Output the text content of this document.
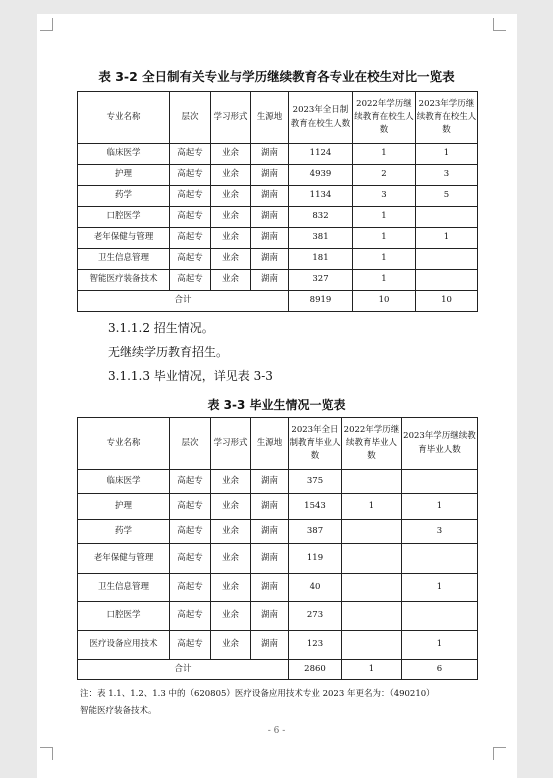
表 3-2 全日制有关专业与学历继续教育各专业在校生对比一览表
专业名称	层次	学习形式	生源地	2023年全日制教育在校生人数	2022年学历继续教育在校生人数	2023年学历继续教育在校生人数
临床医学	高起专	业余	湖南	1124	1	1
护理	高起专	业余	湖南	4939	2	3
药学	高起专	业余	湖南	1134	3	5
口腔医学	高起专	业余	湖南	832	1	
老年保健与管理	高起专	业余	湖南	381	1	1
卫生信息管理	高起专	业余	湖南	181	1	
智能医疗装备技术	高起专	业余	湖南	327	1	
合计				8919	10	10
3.1.1.2 招生情况。
无继续学历教育招生。
3.1.1.3 毕业情况，详见表 3-3
表 3-3 毕业生情况一览表
专业名称	层次	学习形式	生源地	2023年全日制教育毕业人数	2022年学历继续教育毕业人数	2023年学历继续教育毕业人数
临床医学	高起专	业余	湖南	375		
护理	高起专	业余	湖南	1543	1	1
药学	高起专	业余	湖南	387		3
老年保健与管理	高起专	业余	湖南	119		
卫生信息管理	高起专	业余	湖南	40		1
口腔医学	高起专	业余	湖南	273		
医疗设备应用技术	高起专	业余	湖南	123		1
合计				2860	1	6
注：表 1.1、1.2、1.3 中的（620805）医疗设备应用技术专业 2023 年更名为：（490210）
智能医疗装备技术。
- 6 -
